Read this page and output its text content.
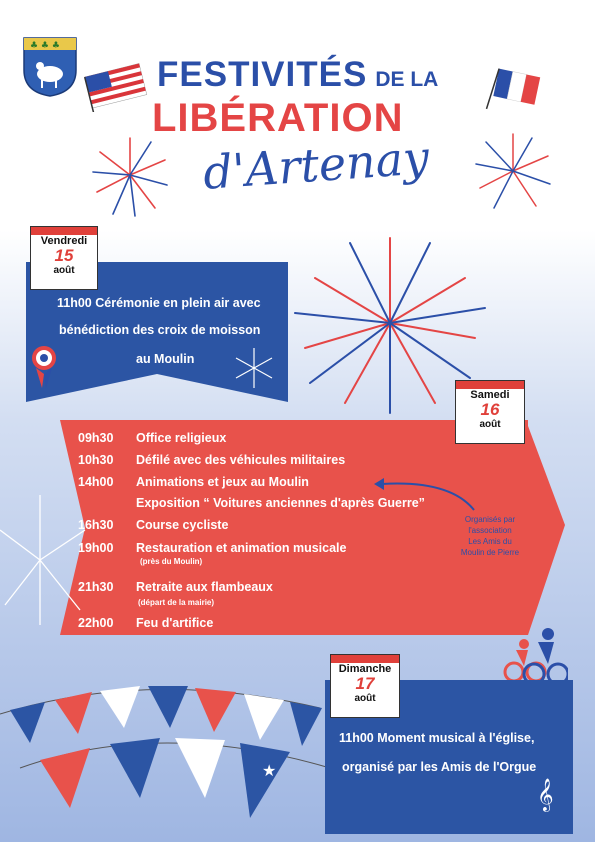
♣ ♣ ♣
FESTIVITÉS DE LA
LIBÉRATION
d'Artenay
Vendredi
15
août
11h00 Cérémonie en plein air avec
bénédiction des croix de moisson
au Moulin
Samedi
16
août
09h30 Office religieux
10h30 Défilé avec des véhicules militaires
14h00 Animations et jeux au Moulin
Exposition “ Voitures anciennes d'après Guerre”
16h30 Course cycliste
19h00 Restauration et animation musicale
(près du Moulin)
21h30 Retraite aux flambeaux
(départ de la mairie)
22h00 Feu d'artifice
Organisés par
l'association
Les Amis du
Moulin de Pierre
★
Dimanche
17
août
11h00 Moment musical à l'église,
organisé par les Amis de l'Orgue
𝄞
